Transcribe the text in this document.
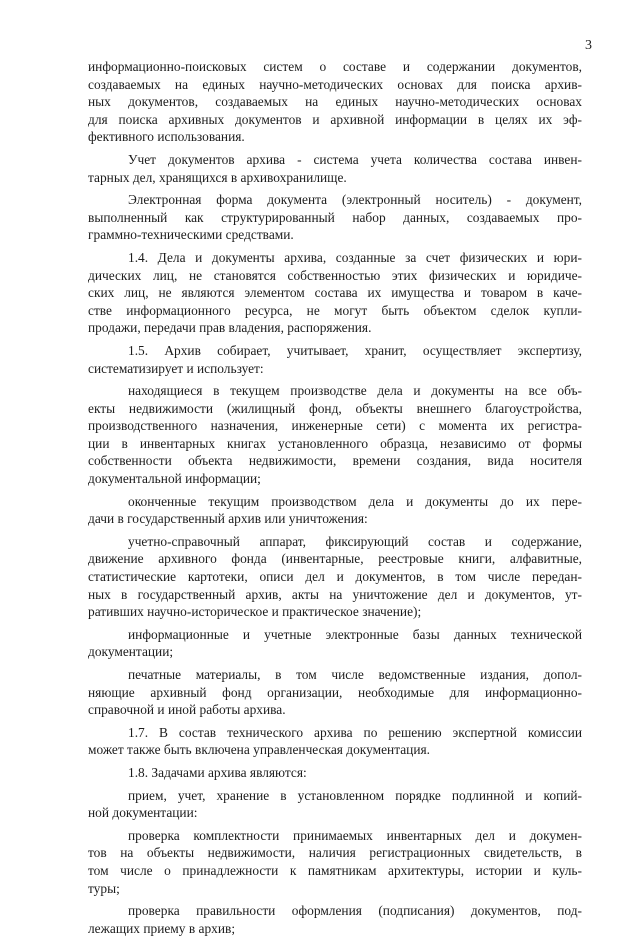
3
информационно-поисковых систем о составе и содержании документов,
создаваемых на единых научно-методических основах для поиска архив-
ных документов, создаваемых на единых научно-методических основах
для поиска архивных документов и архивной информации в целях их эф-
фективного использования.
Учет документов архива - система учета количества состава инвен-
тарных дел, хранящихся в архивохранилище.
Электронная форма документа (электронный носитель) - документ,
выполненный как структурированный набор данных, создаваемых про-
граммно-техническими средствами.
1.4. Дела и документы архива, созданные за счет физических и юри-
дических лиц, не становятся собственностью этих физических и юридиче-
ских лиц, не являются элементом состава их имущества и товаром в каче-
стве информационного ресурса, не могут быть объектом сделок купли-
продажи, передачи прав владения, распоряжения.
1.5. Архив собирает, учитывает, хранит, осуществляет экспертизу,
систематизирует и использует:
находящиеся в текущем производстве дела и документы на все объ-
екты недвижимости (жилищный фонд, объекты внешнего благоустройства,
производственного назначения, инженерные сети) с момента их регистра-
ции в инвентарных книгах установленного образца, независимо от формы
собственности объекта недвижимости, времени создания, вида носителя
документальной информации;
оконченные текущим производством дела и документы до их пере-
дачи в государственный архив или уничтожения:
учетно-справочный аппарат, фиксирующий состав и содержание,
движение архивного фонда (инвентарные, реестровые книги, алфавитные,
статистические картотеки, описи дел и документов, в том числе передан-
ных в государственный архив, акты на уничтожение дел и документов, ут-
ративших научно-историческое и практическое значение);
информационные и учетные электронные базы данных технической
документации;
печатные материалы, в том числе ведомственные издания, допол-
няющие архивный фонд организации, необходимые для информационно-
справочной и иной работы архива.
1.7. В состав технического архива по решению экспертной комиссии
может также быть включена управленческая документация.
1.8. Задачами архива являются:
прием, учет, хранение в установленном порядке подлинной и копий-
ной документации:
проверка комплектности принимаемых инвентарных дел и докумен-
тов на объекты недвижимости, наличия регистрационных свидетельств, в
том числе о принадлежности к памятникам архитектуры, истории и куль-
туры;
проверка правильности оформления (подписания) документов, под-
лежащих приему в архив;
